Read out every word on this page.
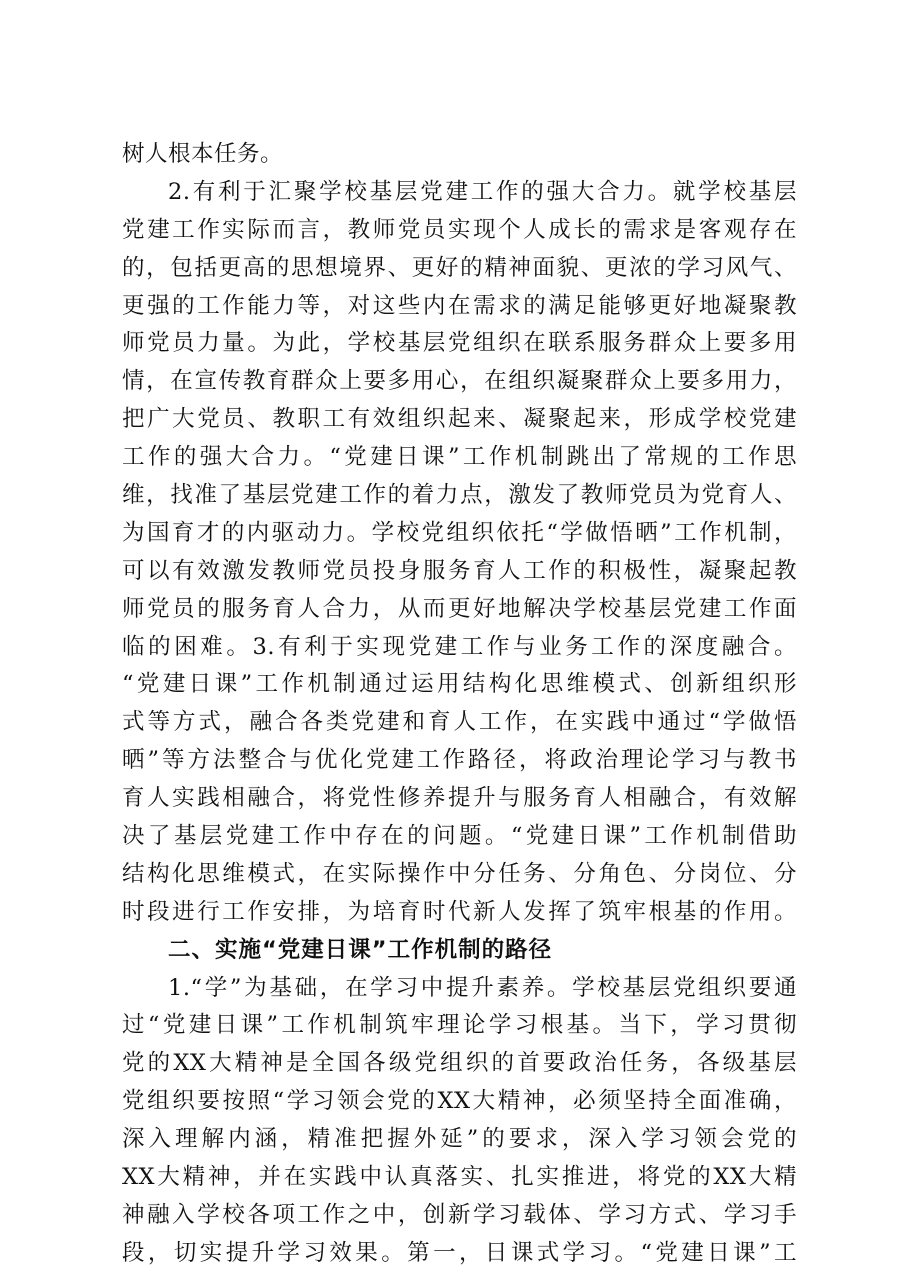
树人根本任务。
2.有利于汇聚学校基层党建工作的强大合力。就学校基层
党建工作实际而言，教师党员实现个人成长的需求是客观存在
的，包括更高的思想境界、更好的精神面貌、更浓的学习风气、
更强的工作能力等，对这些内在需求的满足能够更好地凝聚教
师党员力量。为此，学校基层党组织在联系服务群众上要多用
情，在宣传教育群众上要多用心，在组织凝聚群众上要多用力，
把广大党员、教职工有效组织起来、凝聚起来，形成学校党建
工作的强大合力。“党建日课”工作机制跳出了常规的工作思
维，找准了基层党建工作的着力点，激发了教师党员为党育人、
为国育才的内驱动力。学校党组织依托“学做悟晒”工作机制，
可以有效激发教师党员投身服务育人工作的积极性，凝聚起教
师党员的服务育人合力，从而更好地解决学校基层党建工作面
临的困难。3.有利于实现党建工作与业务工作的深度融合。
“党建日课”工作机制通过运用结构化思维模式、创新组织形
式等方式，融合各类党建和育人工作，在实践中通过“学做悟
晒”等方法整合与优化党建工作路径，将政治理论学习与教书
育人实践相融合，将党性修养提升与服务育人相融合，有效解
决了基层党建工作中存在的问题。“党建日课”工作机制借助
结构化思维模式，在实际操作中分任务、分角色、分岗位、分
时段进行工作安排，为培育时代新人发挥了筑牢根基的作用。
二、实施“党建日课”工作机制的路径
1.“学”为基础，在学习中提升素养。学校基层党组织要通
过“党建日课”工作机制筑牢理论学习根基。当下，学习贯彻
党的XX大精神是全国各级党组织的首要政治任务，各级基层
党组织要按照“学习领会党的XX大精神，必须坚持全面准确，
深入理解内涵，精准把握外延”的要求，深入学习领会党的
XX大精神，并在实践中认真落实、扎实推进，将党的XX大精
神融入学校各项工作之中，创新学习载体、学习方式、学习手
段，切实提升学习效果。第一，日课式学习。“党建日课”工
